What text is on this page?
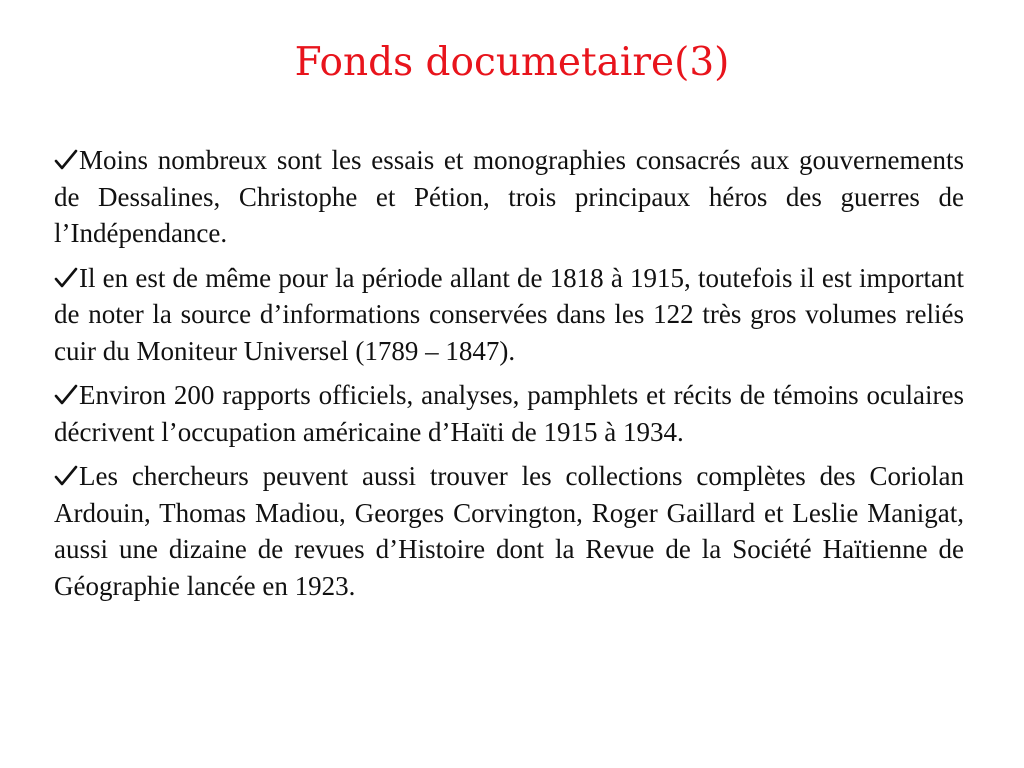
Fonds documetaire(3)
Moins nombreux sont les essais et monographies consacrés aux gouvernements de Dessalines, Christophe et Pétion, trois principaux héros des guerres de l’Indépendance.
Il en est de même pour la période allant de 1818 à 1915, toutefois il est important de noter la source d’informations conservées dans les 122 très gros volumes reliés cuir du Moniteur Universel (1789 – 1847).
Environ 200 rapports officiels, analyses, pamphlets et récits de témoins oculaires décrivent l’occupation américaine d’Haïti de 1915 à 1934.
Les chercheurs peuvent aussi trouver les collections complètes des Coriolan Ardouin, Thomas Madiou, Georges Corvington, Roger Gaillard et Leslie Manigat, aussi une dizaine de revues d’Histoire dont la Revue de la Société Haïtienne de Géographie lancée en 1923.
